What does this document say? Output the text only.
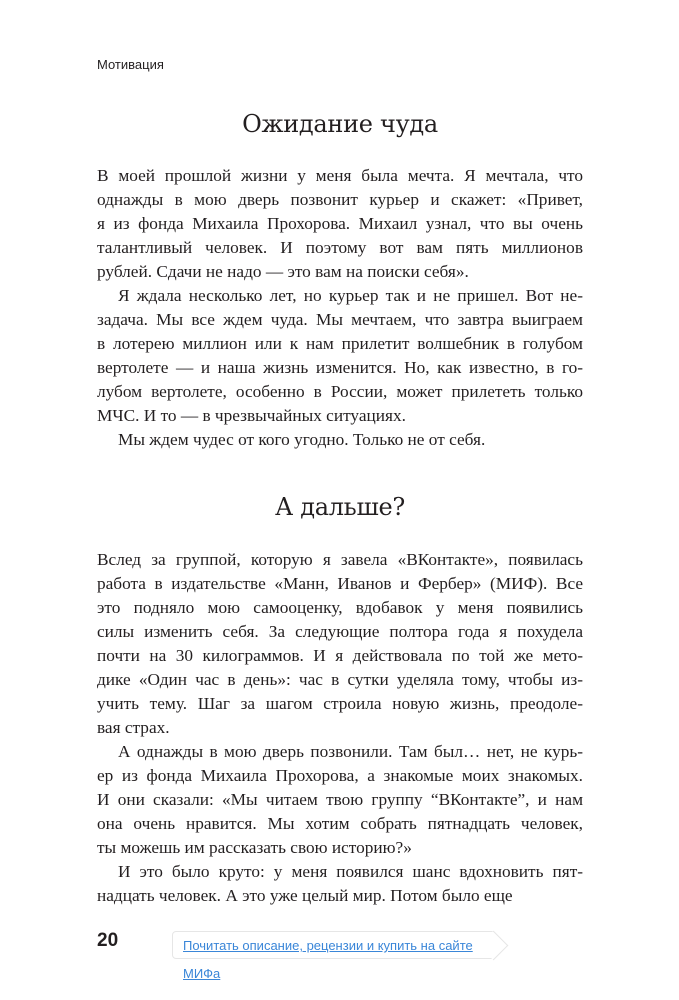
Мотивация
Ожидание чуда
В моей прошлой жизни у меня была мечта. Я мечтала, что
однажды в мою дверь позвонит курьер и скажет: «Привет,
я из фонда Михаила Прохорова. Михаил узнал, что вы очень
талантливый человек. И поэтому вот вам пять миллионов
рублей. Сдачи не надо — это вам на поиски себя».
Я ждала несколько лет, но курьер так и не пришел. Вот не-
задача. Мы все ждем чуда. Мы мечтаем, что завтра выиграем
в лотерею миллион или к нам прилетит волшебник в голубом
вертолете — и наша жизнь изменится. Но, как известно, в го-
лубом вертолете, особенно в России, может прилететь только
МЧС. И то — в чрезвычайных ситуациях.
Мы ждем чудес от кого угодно. Только не от себя.
А дальше?
Вслед за группой, которую я завела «ВКонтакте», появилась
работа в издательстве «Манн, Иванов и Фербер» (МИФ). Все
это подняло мою самооценку, вдобавок у меня появились
силы изменить себя. За следующие полтора года я похудела
почти на 30 килограммов. И я действовала по той же мето-
дике «Один час в день»: час в сутки уделяла тому, чтобы из-
учить тему. Шаг за шагом строила новую жизнь, преодоле-
вая страх.
А однажды в мою дверь позвонили. Там был… нет, не курь-
ер из фонда Михаила Прохорова, а знакомые моих знакомых.
И они сказали: «Мы читаем твою группу “ВКонтакте”, и нам
она очень нравится. Мы хотим собрать пятнадцать человек,
ты можешь им рассказать свою историю?»
И это было круто: у меня появился шанс вдохновить пят-
надцать человек. А это уже целый мир. Потом было еще
20	Почитать описание, рецензии и купить на сайте МИФа
